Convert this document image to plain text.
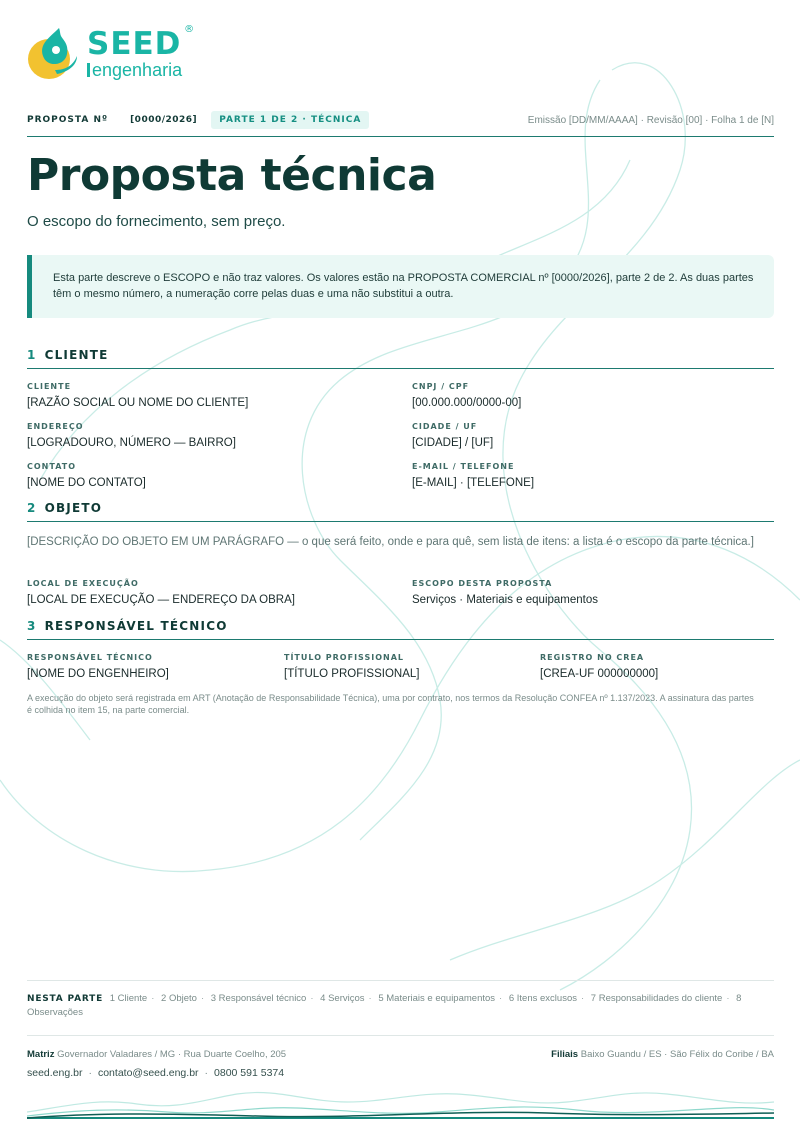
SEED ®
engenharia
PROPOSTA Nº [0000/2026]	PARTE 1 DE 2 · TÉCNICA	Emissão [DD/MM/AAAA] · Revisão [00] · Folha 1 de [N]
Proposta técnica
O escopo do fornecimento, sem preço.
Esta parte descreve o ESCOPO e não traz valores. Os valores estão na PROPOSTA COMERCIAL nº [0000/2026], parte 2 de 2. As duas partes têm o mesmo número, a numeração corre pelas duas e uma não substitui a outra.
1 CLIENTE
CLIENTE
[RAZÃO SOCIAL OU NOME DO CLIENTE]
CNPJ / CPF
[00.000.000/0000-00]
ENDEREÇO
[LOGRADOURO, NÚMERO — BAIRRO]
CIDADE / UF
[CIDADE] / [UF]
CONTATO
[NOME DO CONTATO]
E-MAIL / TELEFONE
[E-MAIL] · [TELEFONE]
2 OBJETO
[DESCRIÇÃO DO OBJETO EM UM PARÁGRAFO — o que será feito, onde e para quê, sem lista de itens: a lista é o escopo da parte técnica.]
LOCAL DE EXECUÇÃO
[LOCAL DE EXECUÇÃO — ENDEREÇO DA OBRA]
ESCOPO DESTA PROPOSTA
Serviços · Materiais e equipamentos
3 RESPONSÁVEL TÉCNICO
RESPONSÁVEL TÉCNICO
[NOME DO ENGENHEIRO]
TÍTULO PROFISSIONAL
[TÍTULO PROFISSIONAL]
REGISTRO NO CREA
[CREA-UF 000000000]
A execução do objeto será registrada em ART (Anotação de Responsabilidade Técnica), uma por contrato, nos termos da Resolução CONFEA nº 1.137/2023. A assinatura das partes é colhida no item 15, na parte comercial.
NESTA PARTE 1 Cliente · 2 Objeto · 3 Responsável técnico · 4 Serviços · 5 Materiais e equipamentos · 6 Itens exclusos · 7 Responsabilidades do cliente · 8 Observações
Matriz Governador Valadares / MG · Rua Duarte Coelho, 205	Filiais Baixo Guandu / ES · São Félix do Coribe / BA
seed.eng.br · contato@seed.eng.br · 0800 591 5374
